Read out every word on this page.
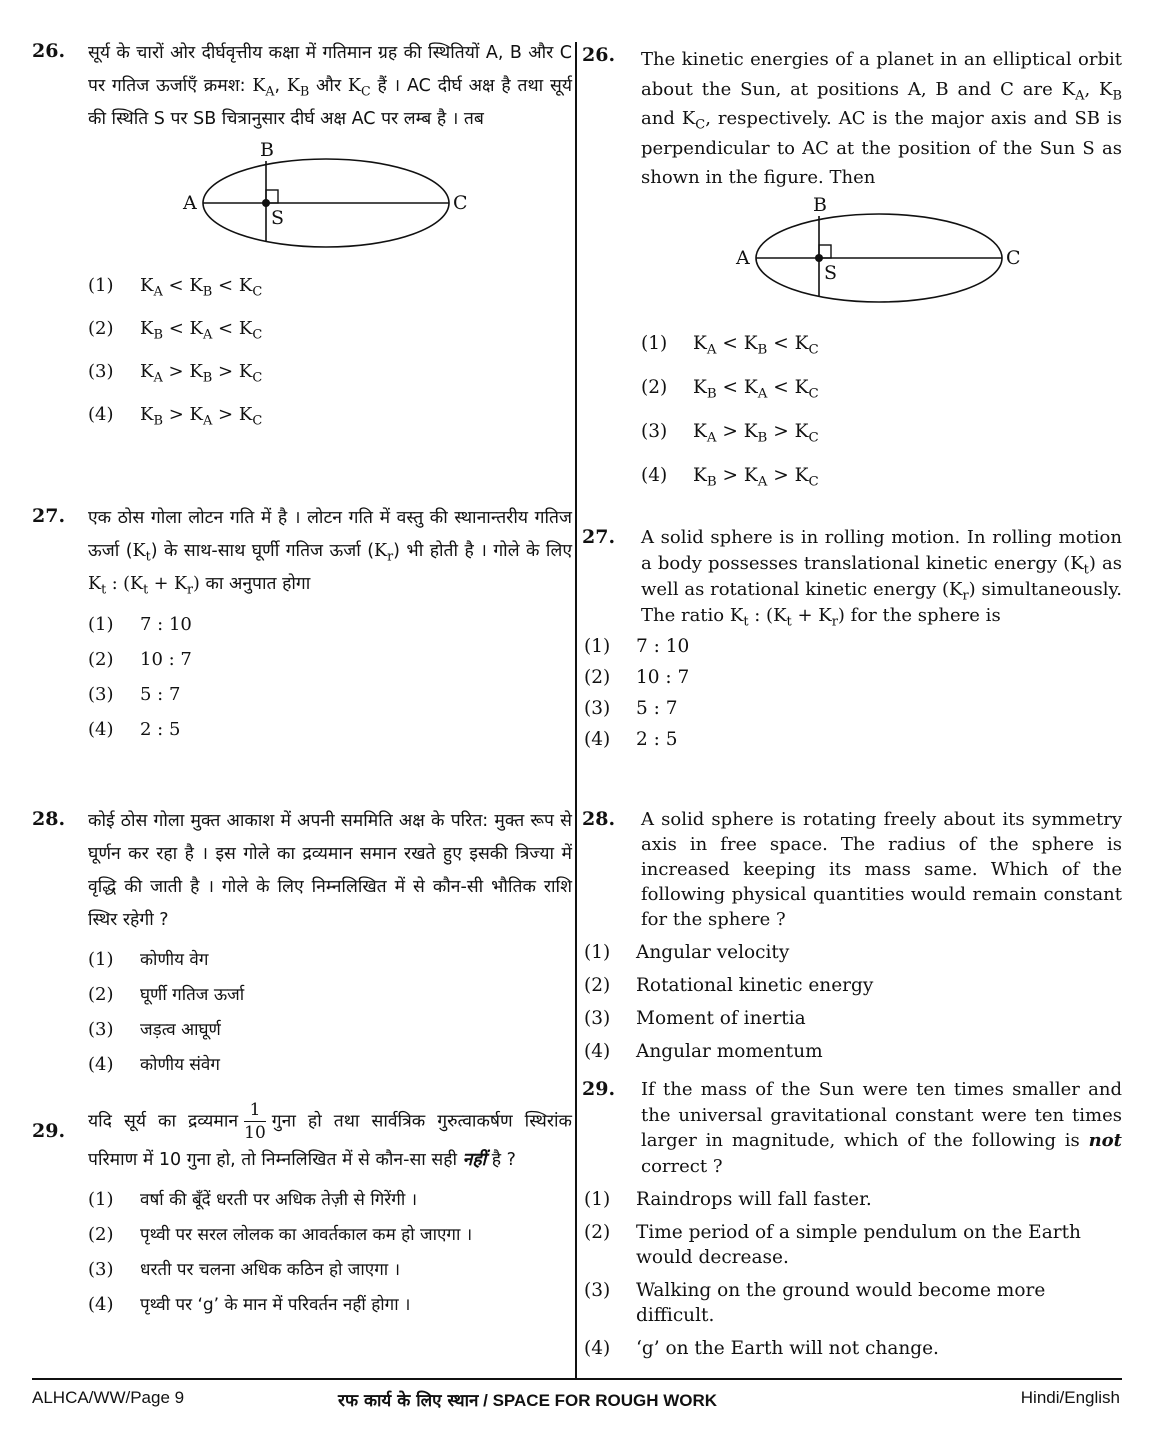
26. सूर्य के चारों ओर दीर्घवृत्तीय कक्षा में गतिमान ग्रह की स्थितियों A, B और C पर गतिज ऊर्जाएँ क्रमश: $K_A$, $K_B$ और $K_C$ हैं । AC दीर्घ अक्ष है तथा सूर्य की स्थिति S पर SB चित्रानुसार दीर्घ अक्ष AC पर लम्ब है । तब
A
B
C
S
(1) $K_A < K_B < K_C$
(2) $K_B < K_A < K_C$
(3) $K_A > K_B > K_C$
(4) $K_B > K_A > K_C$
27. एक ठोस गोला लोटन गति में है । लोटन गति में वस्तु की स्थानान्तरीय गतिज ऊर्जा $(K_t)$ के साथ-साथ घूर्णी गतिज ऊर्जा $(K_r)$ भी होती है । गोले के लिए $K_t$ : $(K_t + K_r)$ का अनुपात होगा
(1) 7 : 10
(2) 10 : 7
(3) 5 : 7
(4) 2 : 5
28. कोई ठोस गोला मुक्त आकाश में अपनी सममिति अक्ष के परित: मुक्त रूप से घूर्णन कर रहा है । इस गोले का द्रव्यमान समान रखते हुए इसकी त्रिज्या में वृद्धि की जाती है । गोले के लिए निम्नलिखित में से कौन-सी भौतिक राशि स्थिर रहेगी ?
(1) कोणीय वेग
(2) घूर्णी गतिज ऊर्जा
(3) जड़त्व आघूर्ण
(4) कोणीय संवेग
29. यदि सूर्य का द्रव्यमान $\frac{1}{10}$ गुना हो तथा सार्वत्रिक गुरुत्वाकर्षण स्थिरांक परिमाण में 10 गुना हो, तो निम्नलिखित में से कौन-सा सही नहीं है ?
(1) वर्षा की बूँदें धरती पर अधिक तेज़ी से गिरेंगी ।
(2) पृथ्वी पर सरल लोलक का आवर्तकाल कम हो जाएगा ।
(3) धरती पर चलना अधिक कठिन हो जाएगा ।
(4) पृथ्वी पर ‘g’ के मान में परिवर्तन नहीं होगा ।
26. The kinetic energies of a planet in an elliptical orbit about the Sun, at positions A, B and C are $K_A$, $K_B$ and $K_C$, respectively. AC is the major axis and SB is perpendicular to AC at the position of the Sun S as shown in the figure. Then
A
B
C
S
(1) $K_A < K_B < K_C$
(2) $K_B < K_A < K_C$
(3) $K_A > K_B > K_C$
(4) $K_B > K_A > K_C$
27. A solid sphere is in rolling motion. In rolling motion a body possesses translational kinetic energy $(K_t)$ as well as rotational kinetic energy $(K_r)$ simultaneously. The ratio $K_t$ : $(K_t + K_r)$ for the sphere is
(1) 7 : 10
(2) 10 : 7
(3) 5 : 7
(4) 2 : 5
28. A solid sphere is rotating freely about its symmetry axis in free space. The radius of the sphere is increased keeping its mass same. Which of the following physical quantities would remain constant for the sphere ?
(1) Angular velocity
(2) Rotational kinetic energy
(3) Moment of inertia
(4) Angular momentum
29. If the mass of the Sun were ten times smaller and the universal gravitational constant were ten times larger in magnitude, which of the following is not correct ?
(1) Raindrops will fall faster.
(2) Time period of a simple pendulum on the Earth would decrease.
(3) Walking on the ground would become more difficult.
(4) ‘g’ on the Earth will not change.
ALHCA/WW/Page 9	रफ कार्य के लिए स्थान / SPACE FOR ROUGH WORK	Hindi/English
